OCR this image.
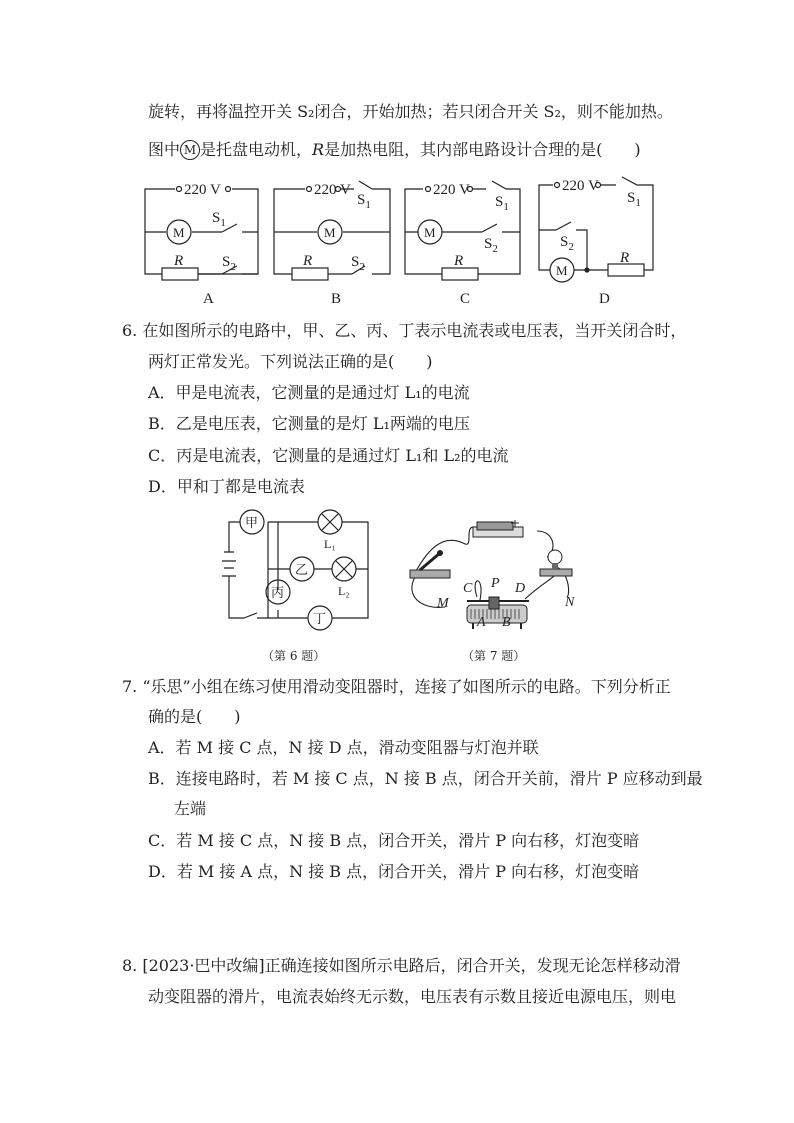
旋转，再将温控开关 S₂闭合，开始加热；若只闭合开关 S₂，则不能加热。
图中 M 是托盘电动机，R是加热电阻，其内部电路设计合理的是(　　)
220 V
M
$S_1$
R	$S_2$
A
220 V
$S_1$
M
R	$S_2$
B
220 V
$S_1$
M
$S_2$
R
C
220 V
$S_1$
$S_2$
M
R
D
6. 在如图所示的电路中，甲、乙、丙、丁表示电流表或电压表，当开关闭合时，
两灯正常发光。下列说法正确的是(　　)
A．甲是电流表，它测量的是通过灯 L₁的电流
B．乙是电压表，它测量的是灯 L₁两端的电压
C．丙是电流表，它测量的是通过灯 L₁和 L₂的电流
D．甲和丁都是电流表
甲
乙
丙
丁
L₁
L₂
（第 6 题）
C P D
A B
M	N
（第 7 题）
7. “乐思”小组在练习使用滑动变阻器时，连接了如图所示的电路。下列分析正
确的是(　　)
A．若 M 接 C 点，N 接 D 点，滑动变阻器与灯泡并联
B．连接电路时，若 M 接 C 点，N 接 B 点，闭合开关前，滑片 P 应移动到最
左端
C．若 M 接 C 点，N 接 B 点，闭合开关，滑片 P 向右移，灯泡变暗
D．若 M 接 A 点，N 接 B 点，闭合开关，滑片 P 向右移，灯泡变暗
8. [2023·巴中改编]正确连接如图所示电路后，闭合开关，发现无论怎样移动滑
动变阻器的滑片，电流表始终无示数，电压表有示数且接近电源电压，则电
